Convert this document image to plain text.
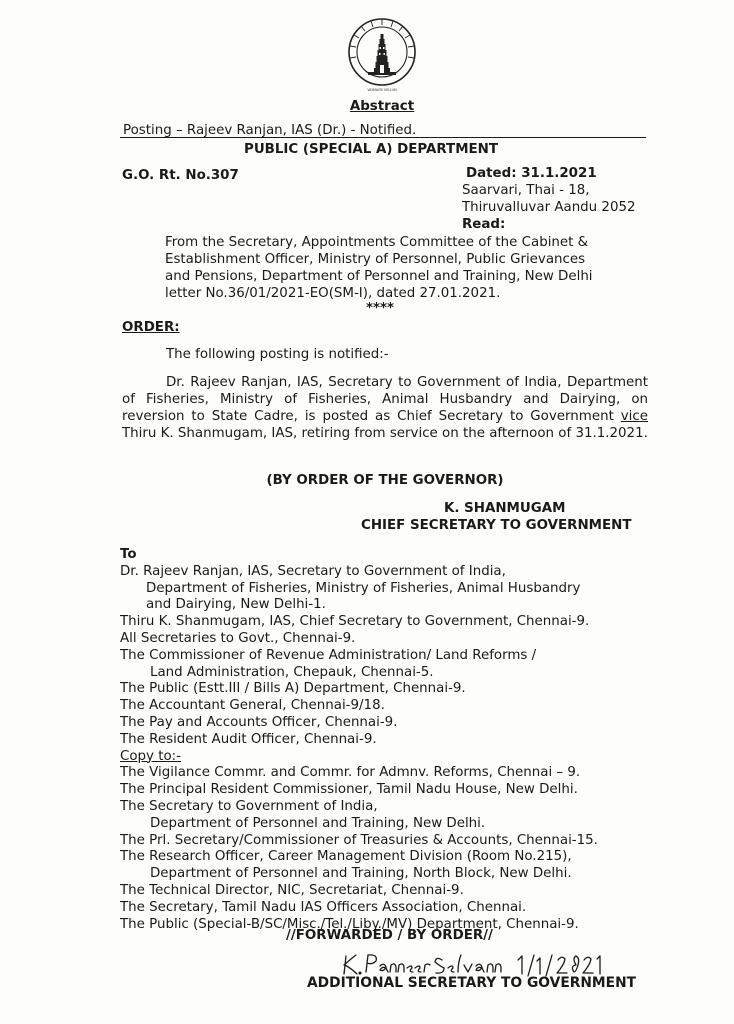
VAYMAIYE VELLUM
Abstract
Posting – Rajeev Ranjan, IAS (Dr.) - Notified.
PUBLIC (SPECIAL A) DEPARTMENT
G.O. Rt. No.307	Dated: 31.1.2021
Saarvari, Thai - 18,
Thiruvalluvar Aandu 2052
Read:
From the Secretary, Appointments Committee of the Cabinet &
Establishment Officer, Ministry of Personnel, Public Grievances
and Pensions, Department of Personnel and Training, New Delhi
letter No.36/01/2021-EO(SM-I), dated 27.01.2021.
****
ORDER:
The following posting is notified:-
Dr. Rajeev Ranjan, IAS, Secretary to Government of India, Department of Fisheries, Ministry of Fisheries, Animal Husbandry and Dairying, on reversion to State Cadre, is posted as Chief Secretary to Government vice Thiru K. Shanmugam, IAS, retiring from service on the afternoon of 31.1.2021.
(BY ORDER OF THE GOVERNOR)
K. SHANMUGAM
CHIEF SECRETARY TO GOVERNMENT
To
Dr. Rajeev Ranjan, IAS, Secretary to Government of India,
Department of Fisheries, Ministry of Fisheries, Animal Husbandry
and Dairying, New Delhi-1.
Thiru K. Shanmugam, IAS, Chief Secretary to Government, Chennai-9.
All Secretaries to Govt., Chennai-9.
The Commissioner of Revenue Administration/ Land Reforms /
Land Administration, Chepauk, Chennai-5.
The Public (Estt.III / Bills A) Department, Chennai-9.
The Accountant General, Chennai-9/18.
The Pay and Accounts Officer, Chennai-9.
The Resident Audit Officer, Chennai-9.
Copy to:-
The Vigilance Commr. and Commr. for Admnv. Reforms, Chennai – 9.
The Principal Resident Commissioner, Tamil Nadu House, New Delhi.
The Secretary to Government of India,
Department of Personnel and Training, New Delhi.
The Prl. Secretary/Commissioner of Treasuries & Accounts, Chennai-15.
The Research Officer, Career Management Division (Room No.215),
Department of Personnel and Training, North Block, New Delhi.
The Technical Director, NIC, Secretariat, Chennai-9.
The Secretary, Tamil Nadu IAS Officers Association, Chennai.
The Public (Special-B/SC/Misc./Tel./Liby./MV) Department, Chennai-9.
//FORWARDED / BY ORDER//
ADDITIONAL SECRETARY TO GOVERNMENT
